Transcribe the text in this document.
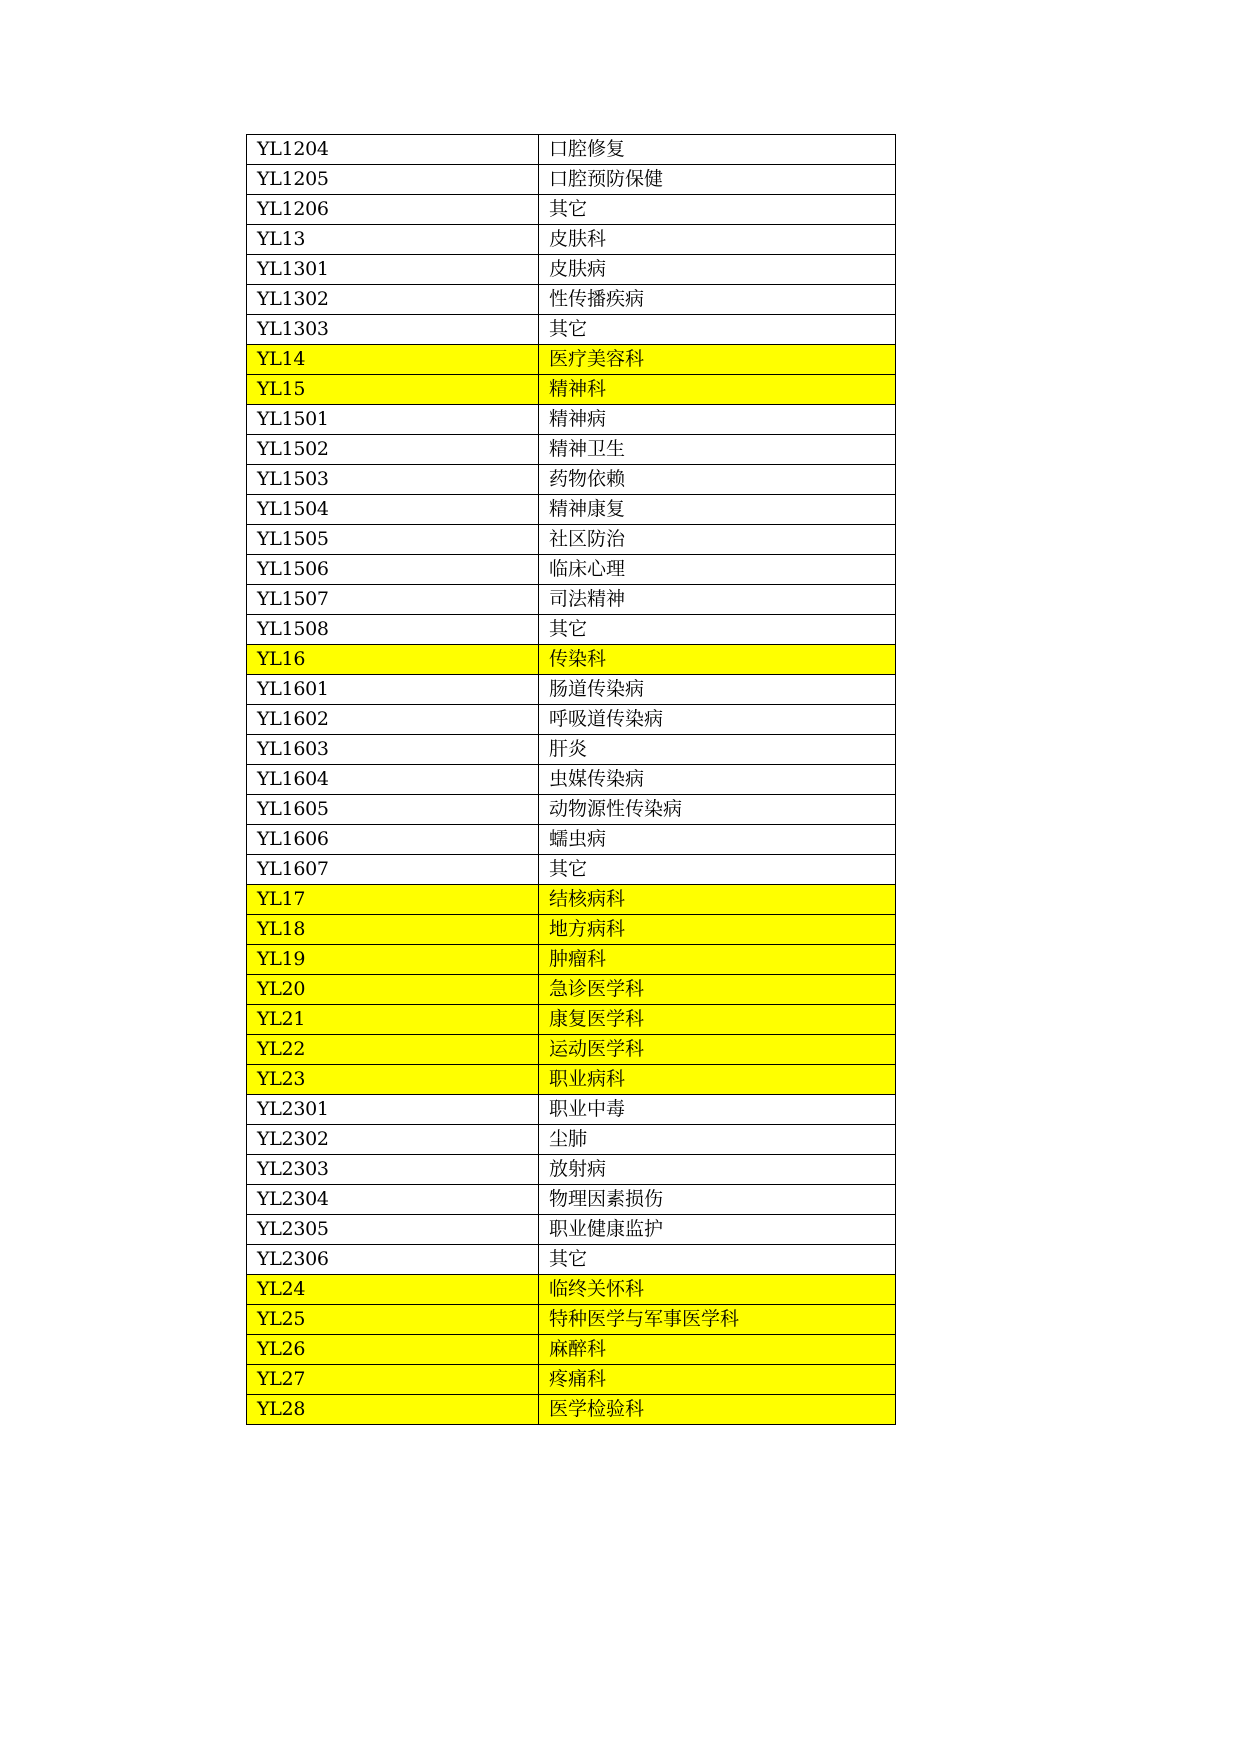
YL1204	口腔修复
YL1205	口腔预防保健
YL1206	其它
YL13	皮肤科
YL1301	皮肤病
YL1302	性传播疾病
YL1303	其它
YL14	医疗美容科
YL15	精神科
YL1501	精神病
YL1502	精神卫生
YL1503	药物依赖
YL1504	精神康复
YL1505	社区防治
YL1506	临床心理
YL1507	司法精神
YL1508	其它
YL16	传染科
YL1601	肠道传染病
YL1602	呼吸道传染病
YL1603	肝炎
YL1604	虫媒传染病
YL1605	动物源性传染病
YL1606	蠕虫病
YL1607	其它
YL17	结核病科
YL18	地方病科
YL19	肿瘤科
YL20	急诊医学科
YL21	康复医学科
YL22	运动医学科
YL23	职业病科
YL2301	职业中毒
YL2302	尘肺
YL2303	放射病
YL2304	物理因素损伤
YL2305	职业健康监护
YL2306	其它
YL24	临终关怀科
YL25	特种医学与军事医学科
YL26	麻醉科
YL27	疼痛科
YL28	医学检验科
